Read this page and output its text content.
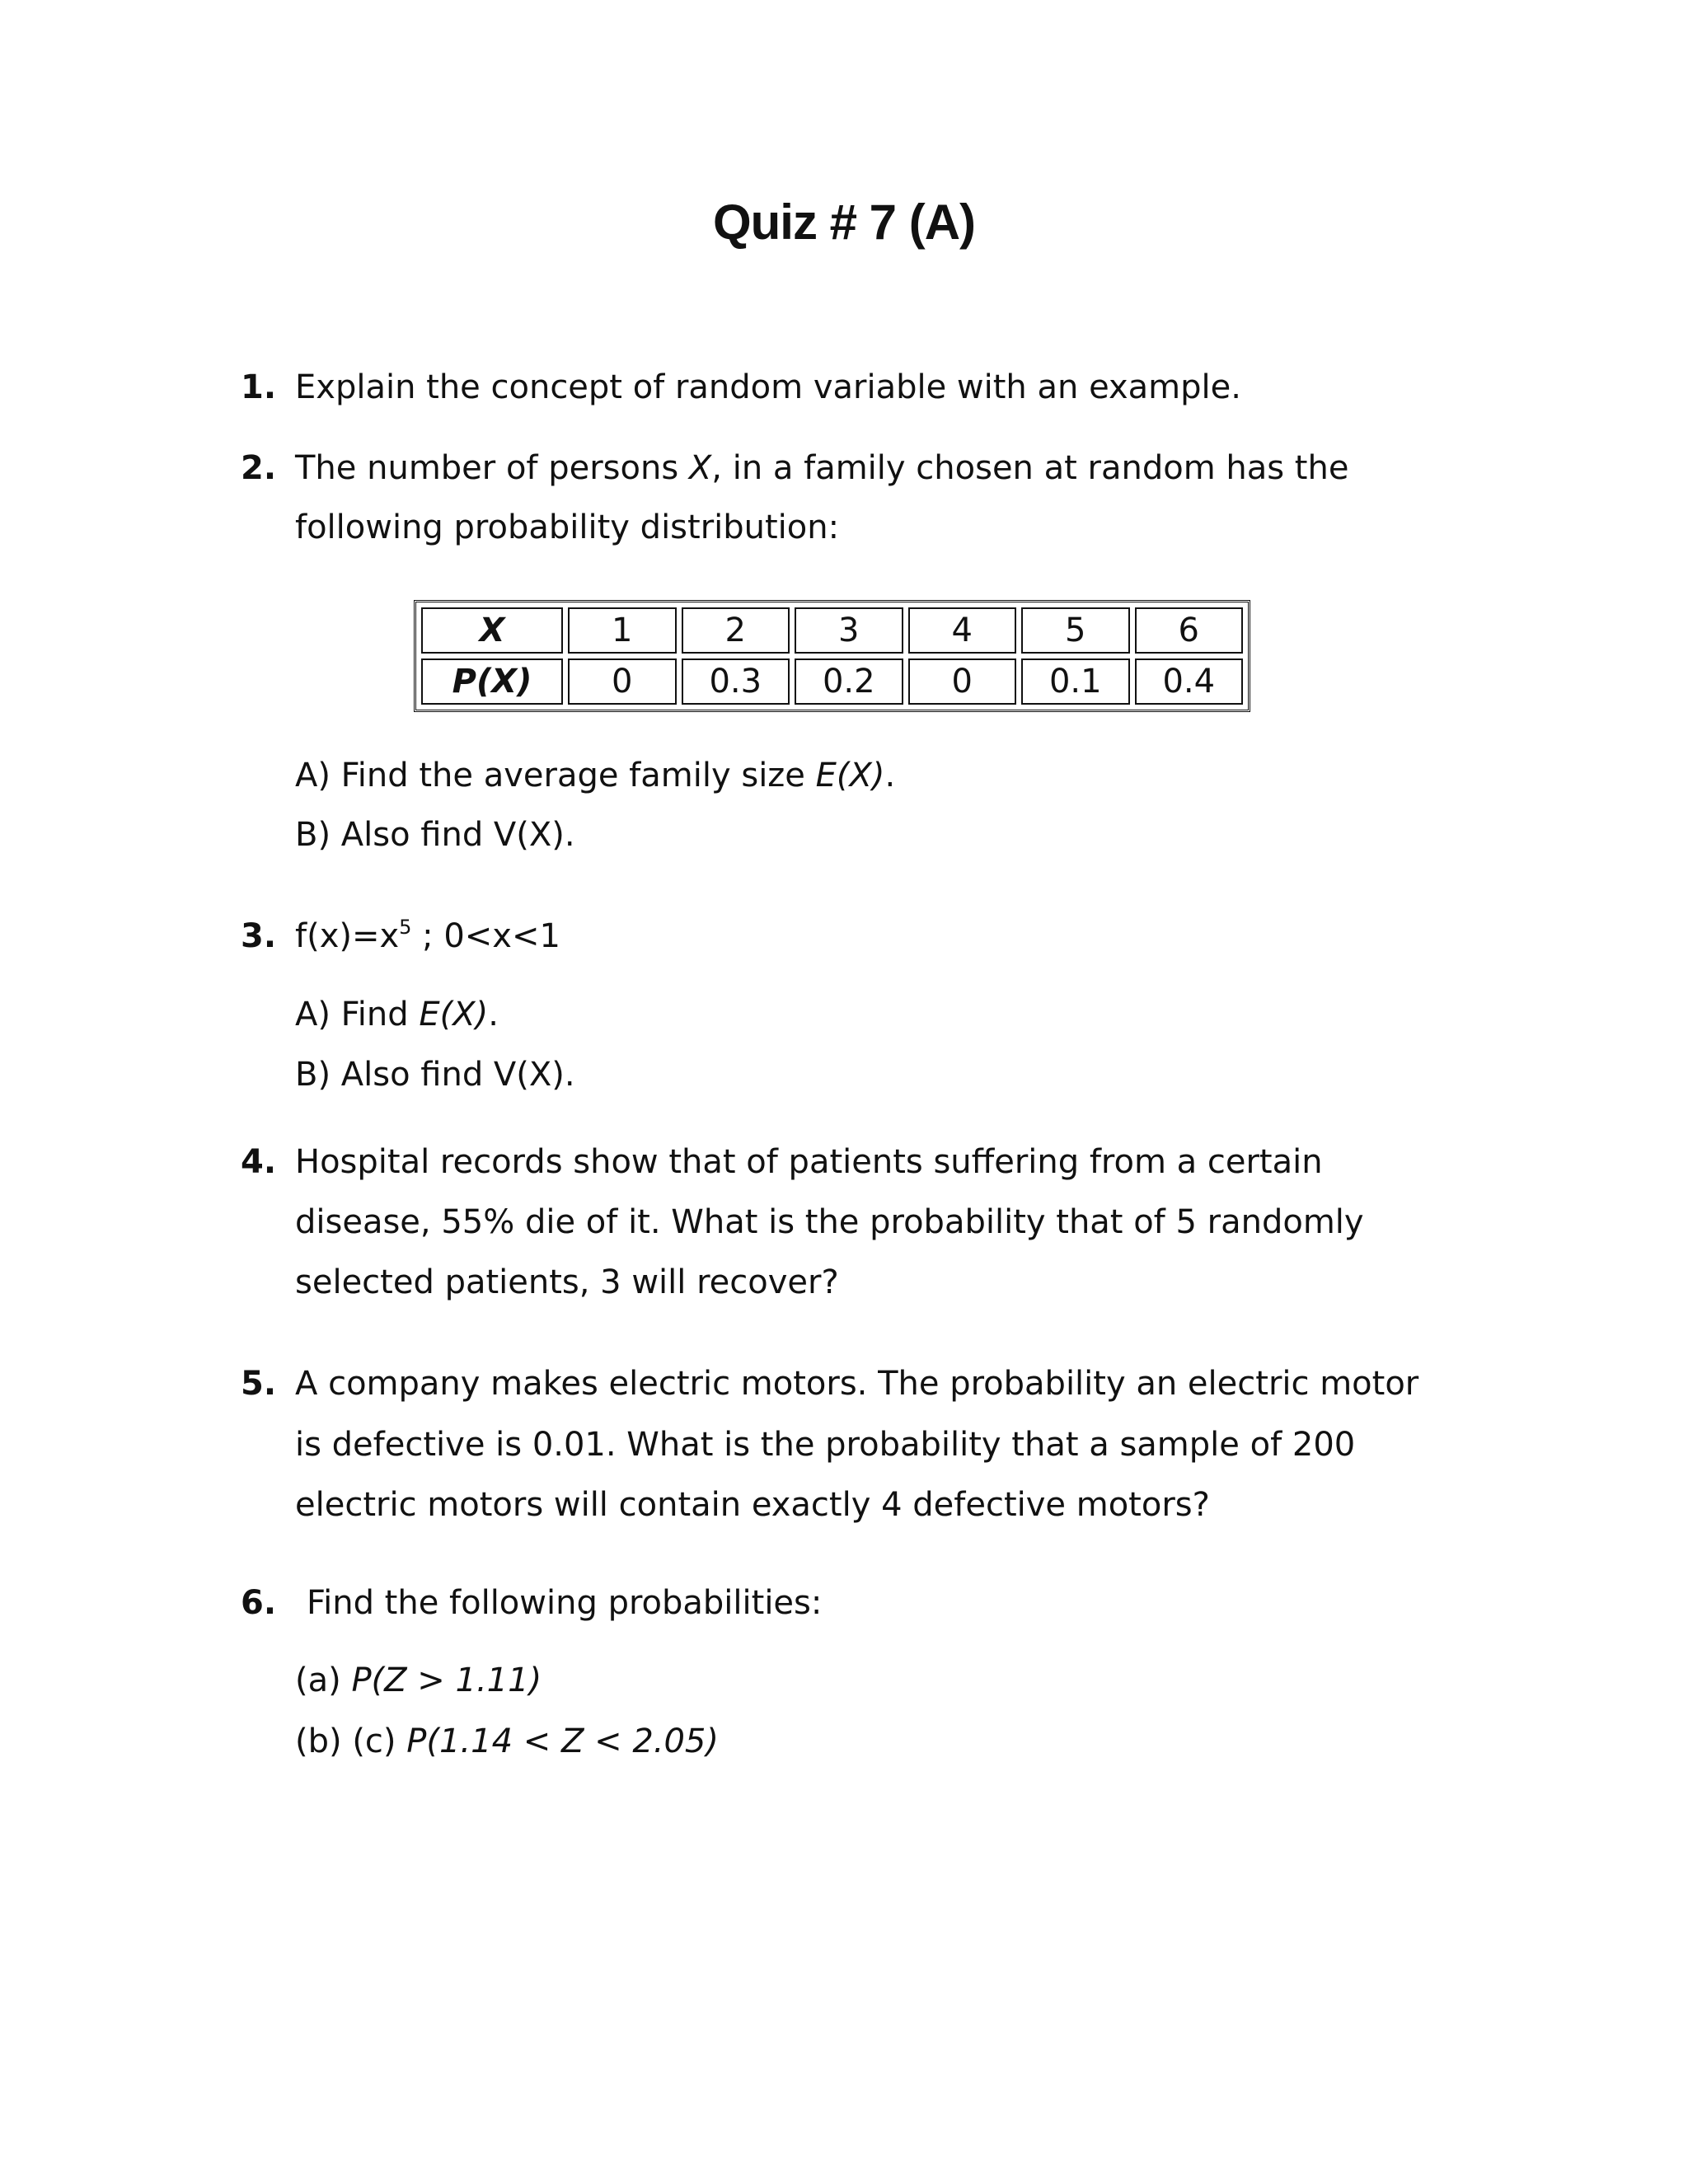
Quiz # 7 (A)
1. Explain the concept of random variable with an example.
2. The number of persons X, in a family chosen at random has the
following probability distribution:
X	1	2	3	4	5	6
P(X)	0	0.3	0.2	0	0.1	0.4
A) Find the average family size E(X).
B) Also find V(X).
3. $f(x)=x^5$ ; 0<x<1
A) Find E(X).
B) Also find V(X).
4. Hospital records show that of patients suffering from a certain
disease, 55% die of it. What is the probability that of 5 randomly
selected patients, 3 will recover?
5. A company makes electric motors. The probability an electric motor
is defective is 0.01. What is the probability that a sample of 200
electric motors will contain exactly 4 defective motors?
6. Find the following probabilities:
(a) P(Z > 1.11)
(b) (c) P(1.14 < Z < 2.05)
